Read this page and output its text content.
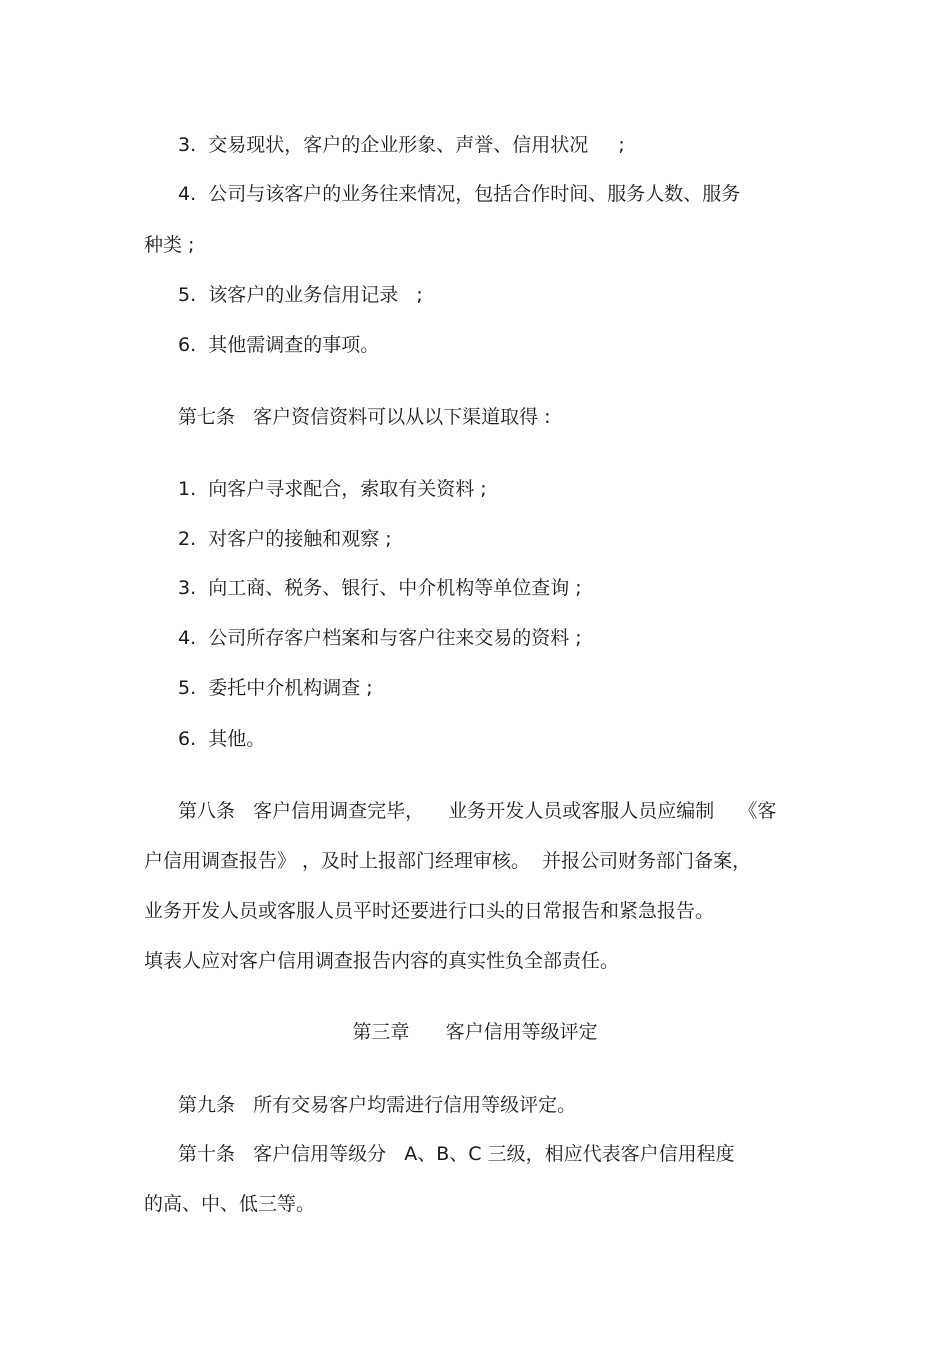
3.  交易现状，客户的企业形象、声誉、信用状况     ;

4.  公司与该客户的业务往来情况，包括合作时间、服务人数、服务

种类 ;

5.  该客户的业务信用记录   ;

6.  其他需调查的事项。

第七条   客户资信资料可以从以下渠道取得 :

1.  向客户寻求配合，索取有关资料 ;

2.  对客户的接触和观察 ;

3.  向工商、税务、银行、中介机构等单位查询 ;

4.  公司所存客户档案和与客户往来交易的资料 ;

5.  委托中介机构调查 ;

6.  其他。

第八条   客户信用调查完毕，    业务开发人员或客服人员应编制    《客

户信用调查报告》 ，及时上报部门经理审核。  并报公司财务部门备案，

业务开发人员或客服人员平时还要进行口头的日常报告和紧急报告。

填表人应对客户信用调查报告内容的真实性负全部责任。

第三章      客户信用等级评定

第九条   所有交易客户均需进行信用等级评定。

第十条   客户信用等级分   A、B、C 三级，相应代表客户信用程度

的高、中、低三等。
